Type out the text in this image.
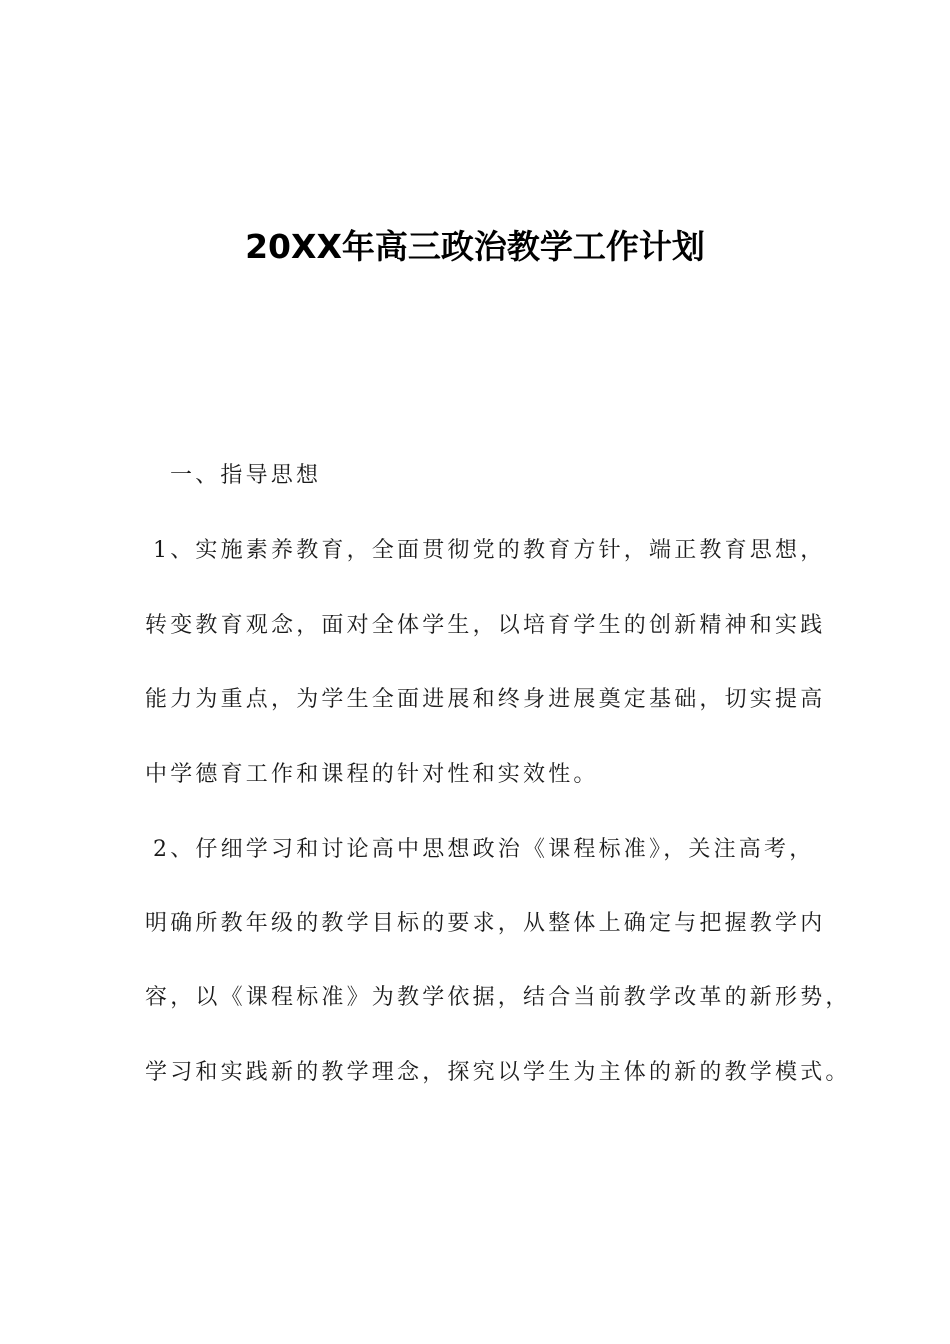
20XX年高三政治教学工作计划
一、指导思想
1、实施素养教育，全面贯彻党的教育方针，端正教育思想，
转变教育观念，面对全体学生，以培育学生的创新精神和实践
能力为重点，为学生全面进展和终身进展奠定基础，切实提高
中学德育工作和课程的针对性和实效性。
2、仔细学习和讨论高中思想政治《课程标准》，关注高考，
明确所教年级的教学目标的要求，从整体上确定与把握教学内
容，以《课程标准》为教学依据，结合当前教学改革的新形势，
学习和实践新的教学理念，探究以学生为主体的新的教学模式。
